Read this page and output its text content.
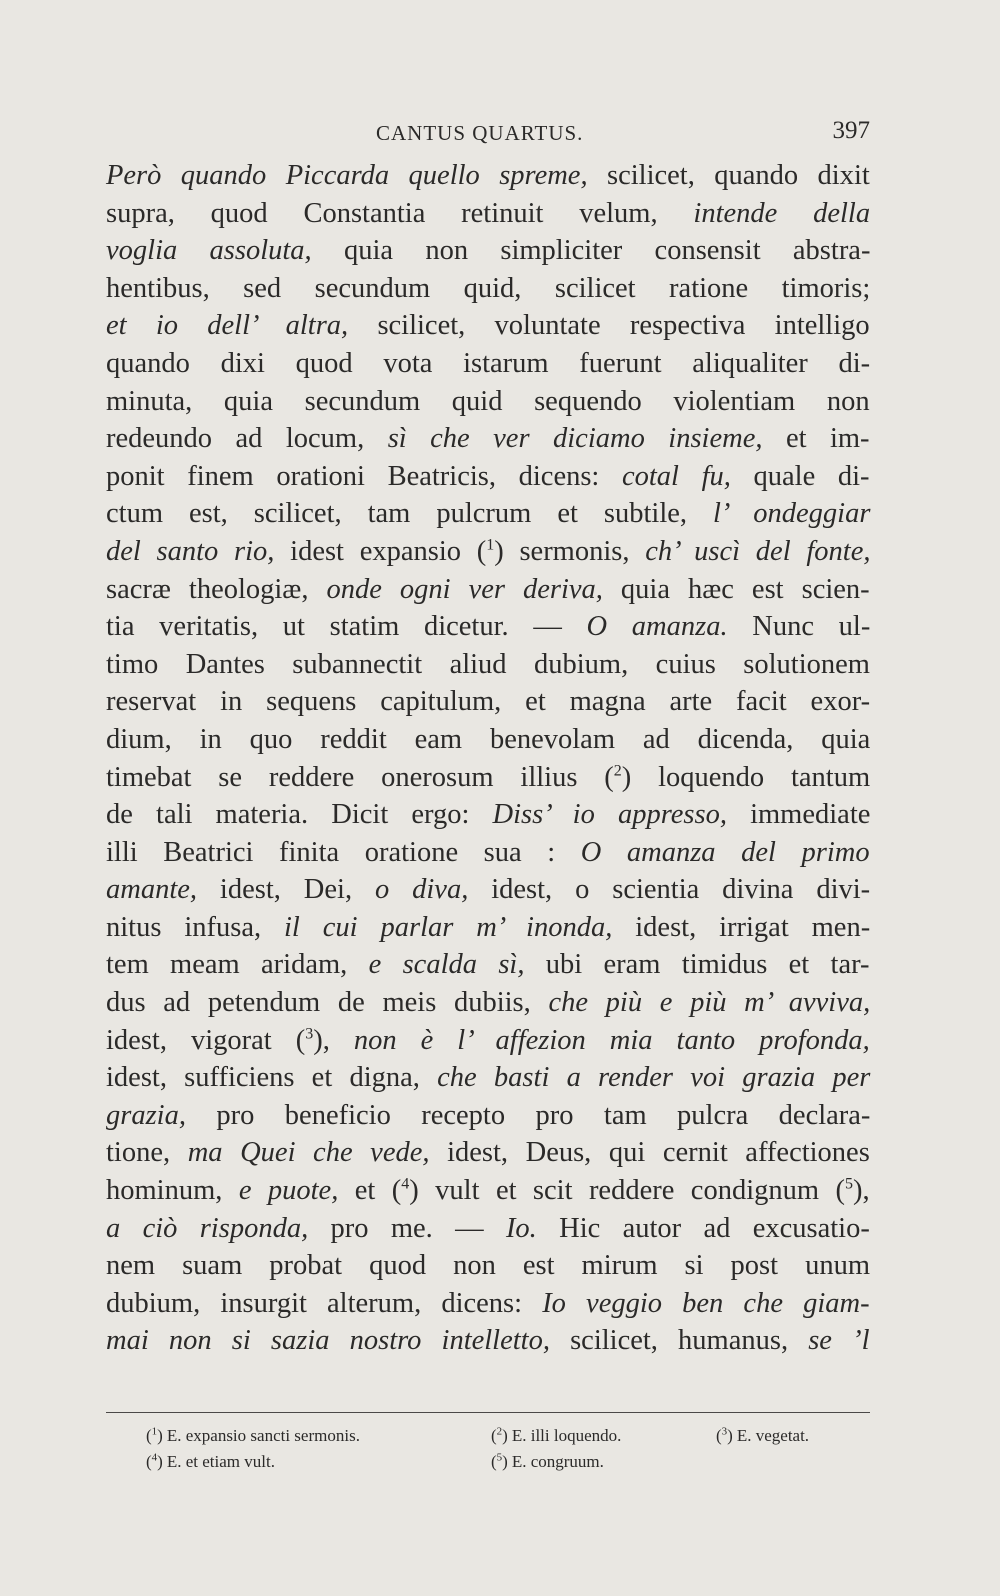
CANTUS QUARTUS.	397
Però quando Piccarda quello spreme, scilicet, quando dixit
supra, quod Constantia retinuit velum, intende della
voglia assoluta, quia non simpliciter consensit abstra-
hentibus, sed secundum quid, scilicet ratione timoris;
et io dell’ altra, scilicet, voluntate respectiva intelligo
quando dixi quod vota istarum fuerunt aliqualiter di-
minuta, quia secundum quid sequendo violentiam non
redeundo ad locum, sì che ver diciamo insieme, et im-
ponit finem orationi Beatricis, dicens: cotal fu, quale di-
ctum est, scilicet, tam pulcrum et subtile, l’ ondeggiar
del santo rio, idest expansio ($^1$) sermonis, ch’ uscì del fonte,
sacræ theologiæ, onde ogni ver deriva, quia hæc est scien-
tia veritatis, ut statim dicetur. — O amanza. Nunc ul-
timo Dantes subannectit aliud dubium, cuius solutionem
reservat in sequens capitulum, et magna arte facit exor-
dium, in quo reddit eam benevolam ad dicenda, quia
timebat se reddere onerosum illius ($^2$) loquendo tantum
de tali materia. Dicit ergo: Diss’ io appresso, immediate
illi Beatrici finita oratione sua : O amanza del primo
amante, idest, Dei, o diva, idest, o scientia divina divi-
nitus infusa, il cui parlar m’ inonda, idest, irrigat men-
tem meam aridam, e scalda sì, ubi eram timidus et tar-
dus ad petendum de meis dubiis, che più e più m’ avviva,
idest, vigorat ($^3$), non è l’ affezion mia tanto profonda,
idest, sufficiens et digna, che basti a render voi grazia per
grazia, pro beneficio recepto pro tam pulcra declara-
tione, ma Quei che vede, idest, Deus, qui cernit affectiones
hominum, e puote, et ($^4$) vult et scit reddere condignum ($^5$),
a ciò risponda, pro me. — Io. Hic autor ad excusatio-
nem suam probat quod non est mirum si post unum
dubium, insurgit alterum, dicens: Io veggio ben che giam-
mai non si sazia nostro intelletto, scilicet, humanus, se ’l
($^1$) E. expansio sancti sermonis.	($^2$) E. illi loquendo.	($^3$) E. vegetat.
($^4$) E. et etiam vult.	($^5$) E. congruum.
